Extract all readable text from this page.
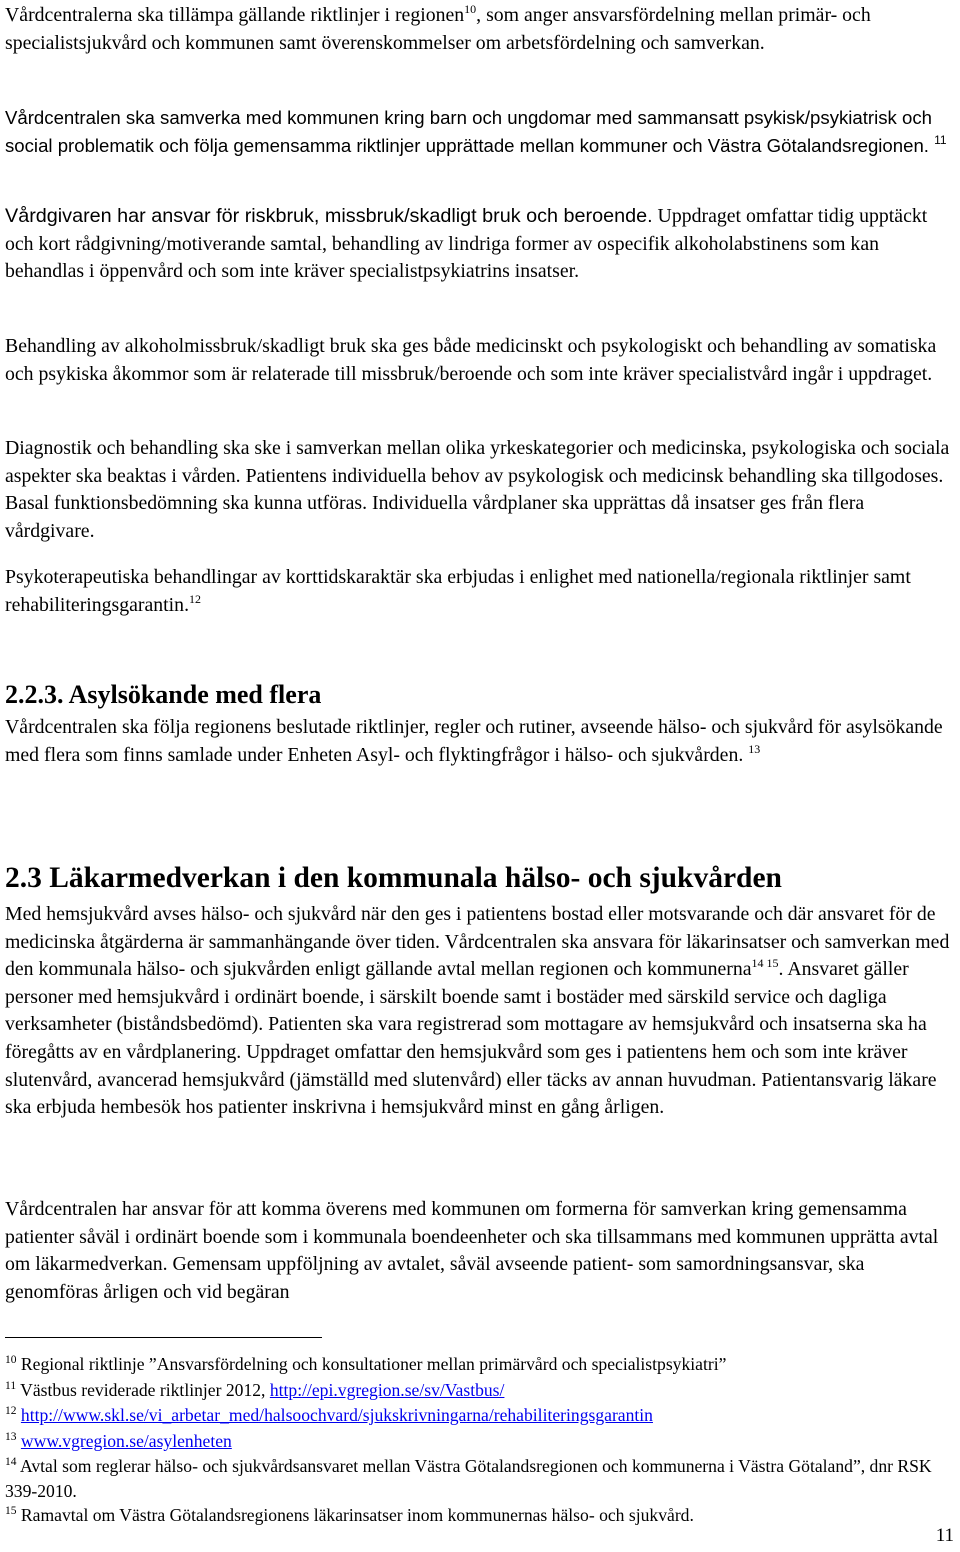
Vårdcentralerna ska tillämpa gällande riktlinjer i regionen$^{10}$, som anger ansvarsfördelning mellan primär- och specialistsjukvård och kommunen samt överenskommelser om arbetsfördelning och samverkan.

Vårdcentralen ska samverka med kommunen kring barn och ungdomar med sammansatt psykisk/psykiatrisk och social problematik och följa gemensamma riktlinjer upprättade mellan kommuner och Västra Götalandsregionen. $^{11}$

Vårdgivaren har ansvar för riskbruk, missbruk/skadligt bruk och beroende. Uppdraget omfattar tidig upptäckt och kort rådgivning/motiverande samtal, behandling av lindriga former av ospecifik alkoholabstinens som kan behandlas i öppenvård och som inte kräver specialistpsykiatrins insatser.

Behandling av alkoholmissbruk/skadligt bruk ska ges både medicinskt och psykologiskt och behandling av somatiska och psykiska åkommor som är relaterade till missbruk/beroende och som inte kräver specialistvård ingår i uppdraget.

Diagnostik och behandling ska ske i samverkan mellan olika yrkeskategorier och medicinska, psykologiska och sociala aspekter ska beaktas i vården. Patientens individuella behov av psykologisk och medicinsk behandling ska tillgodoses. Basal funktionsbedömning ska kunna utföras. Individuella vårdplaner ska upprättas då insatser ges från flera vårdgivare.

Psykoterapeutiska behandlingar av korttidskaraktär ska erbjudas i enlighet med nationella/regionala riktlinjer samt rehabiliteringsgarantin.$^{12}$

2.2.3. Asylsökande med flera

Vårdcentralen ska följa regionens beslutade riktlinjer, regler och rutiner, avseende hälso- och sjukvård för asylsökande med flera som finns samlade under Enheten Asyl- och flyktingfrågor i hälso- och sjukvården. $^{13}$

2.3 Läkarmedverkan i den kommunala hälso- och sjukvården

Med hemsjukvård avses hälso- och sjukvård när den ges i patientens bostad eller motsvarande och där ansvaret för de medicinska åtgärderna är sammanhängande över tiden. Vårdcentralen ska ansvara för läkarinsatser och samverkan med den kommunala hälso- och sjukvården enligt gällande avtal mellan regionen och kommunerna$^{14 15}$. Ansvaret gäller personer med hemsjukvård i ordinärt boende, i särskilt boende samt i bostäder med särskild service och dagliga verksamheter (biståndsbedömd). Patienten ska vara registrerad som mottagare av hemsjukvård och insatserna ska ha föregåtts av en vårdplanering. Uppdraget omfattar den hemsjukvård som ges i patientens hem och som inte kräver slutenvård, avancerad hemsjukvård (jämställd med slutenvård) eller täcks av annan huvudman. Patientansvarig läkare ska erbjuda hembesök hos patienter inskrivna i hemsjukvård minst en gång årligen.

Vårdcentralen har ansvar för att komma överens med kommunen om formerna för samverkan kring gemensamma patienter såväl i ordinärt boende som i kommunala boendeenheter och ska tillsammans med kommunen upprätta avtal om läkarmedverkan. Gemensam uppföljning av avtalet, såväl avseende patient- som samordningsansvar, ska genomföras årligen och vid begäran

$^{10}$ Regional riktlinje ”Ansvarsfördelning och konsultationer mellan primärvård och specialistpsykiatri”

$^{11}$ Västbus reviderade riktlinjer 2012, http://epi.vgregion.se/sv/Vastbus/

$^{12}$ http://www.skl.se/vi_arbetar_med/halsoochvard/sjukskrivningarna/rehabiliteringsgarantin

$^{13}$ www.vgregion.se/asylenheten

$^{14}$ Avtal som reglerar hälso- och sjukvårdsansvaret mellan Västra Götalandsregionen och kommunerna i Västra Götaland”, dnr RSK 339-2010.

$^{15}$ Ramavtal om Västra Götalandsregionens läkarinsatser inom kommunernas hälso- och sjukvård.

11
